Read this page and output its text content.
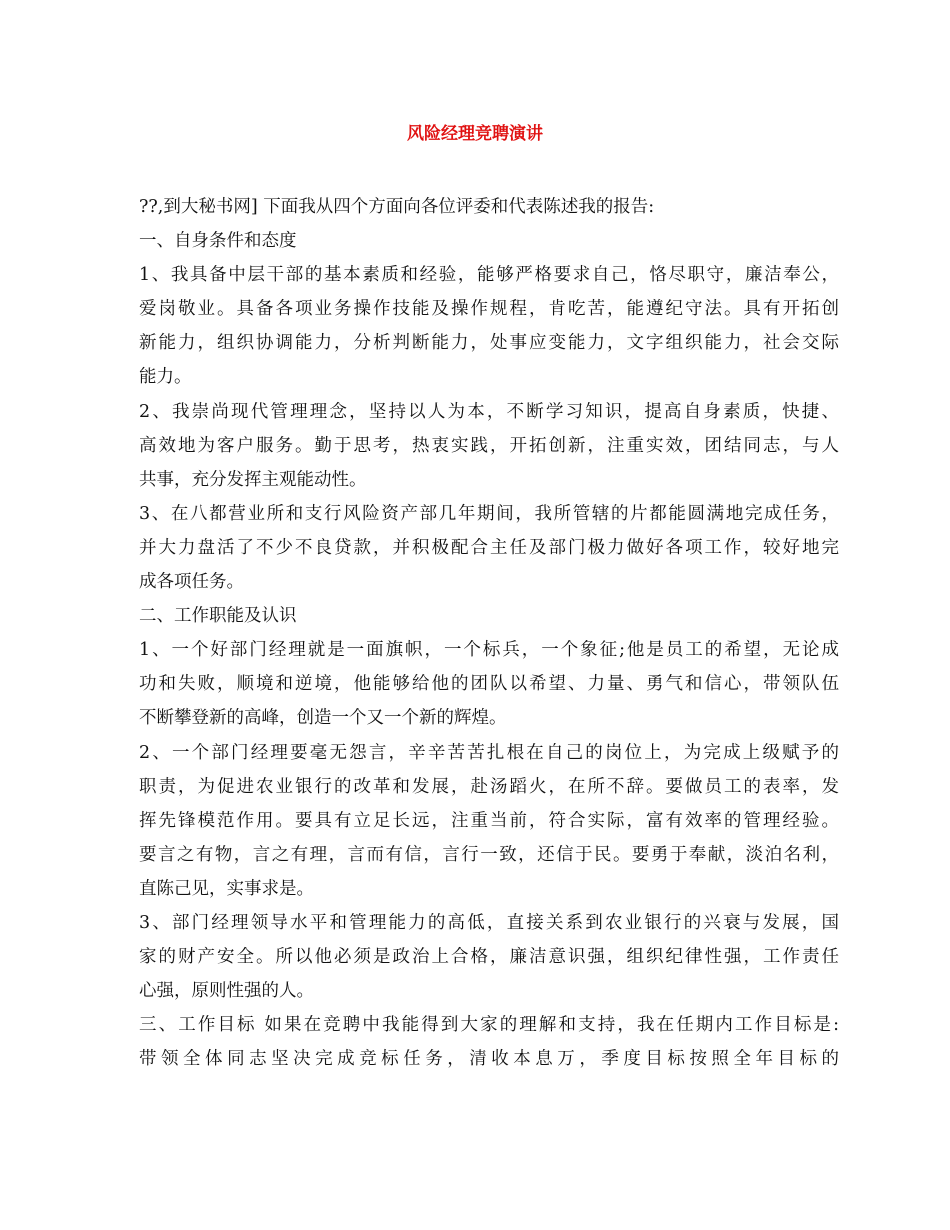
风险经理竞聘演讲
??,到大秘书网] 下面我从四个方面向各位评委和代表陈述我的报告:
一、自身条件和态度
1、我具备中层干部的基本素质和经验，能够严格要求自己，恪尽职守，廉洁奉公，
爱岗敬业。具备各项业务操作技能及操作规程，肯吃苦，能遵纪守法。具有开拓创
新能力，组织协调能力，分析判断能力，处事应变能力，文字组织能力，社会交际
能力。
2、我崇尚现代管理理念，坚持以人为本，不断学习知识，提高自身素质，快捷、
高效地为客户服务。勤于思考，热衷实践，开拓创新，注重实效，团结同志，与人
共事，充分发挥主观能动性。
3、在八都营业所和支行风险资产部几年期间，我所管辖的片都能圆满地完成任务，
并大力盘活了不少不良贷款，并积极配合主任及部门极力做好各项工作，较好地完
成各项任务。
二、工作职能及认识
1、一个好部门经理就是一面旗帜，一个标兵，一个象征;他是员工的希望，无论成
功和失败，顺境和逆境，他能够给他的团队以希望、力量、勇气和信心，带领队伍
不断攀登新的高峰，创造一个又一个新的辉煌。
2、一个部门经理要毫无怨言，辛辛苦苦扎根在自己的岗位上，为完成上级赋予的
职责，为促进农业银行的改革和发展，赴汤蹈火，在所不辞。要做员工的表率，发
挥先锋模范作用。要具有立足长远，注重当前，符合实际，富有效率的管理经验。
要言之有物，言之有理，言而有信，言行一致，还信于民。要勇于奉献，淡泊名利，
直陈己见，实事求是。
3、部门经理领导水平和管理能力的高低，直接关系到农业银行的兴衰与发展，国
家的财产安全。所以他必须是政治上合格，廉洁意识强，组织纪律性强，工作责任
心强，原则性强的人。
三、工作目标 如果在竞聘中我能得到大家的理解和支持，我在任期内工作目标是:
带领全体同志坚决完成竞标任务，清收本息万，季度目标按照全年目标的
